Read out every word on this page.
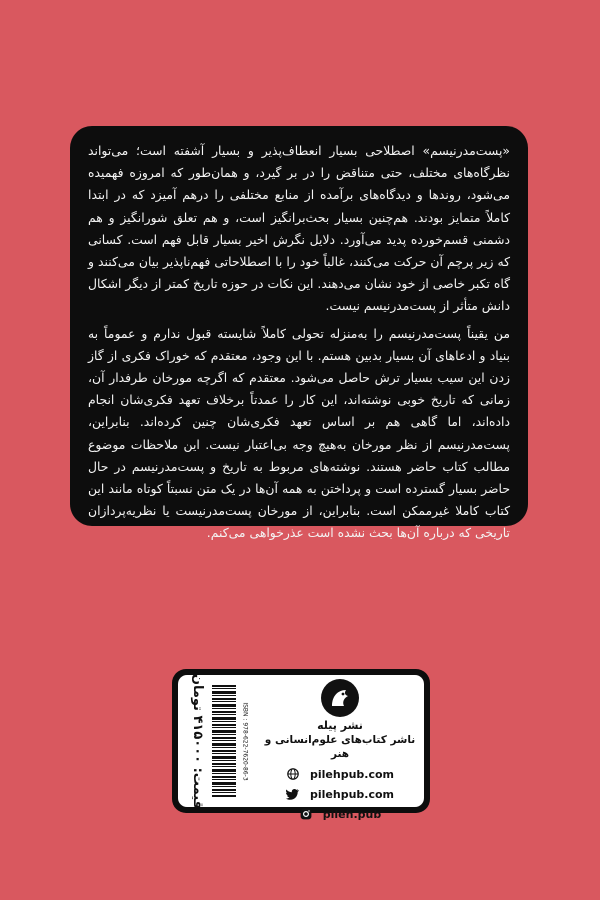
«پست‌مدرنیسم» اصطلاحی بسیار انعطاف‌پذیر و بسیار آشفته است؛ می‌تواند نظرگاه‌های مختلف، حتی متناقض را در بر گیرد، و همان‌طور که امروزه فهمیده می‌شود، روندها و دیدگاه‌های برآمده از منابع مختلفی را درهم آمیزد که در ابتدا کاملاً متمایز بودند. هم‌چنین بسیار بحث‌برانگیز است، و هم تعلق شورانگیز و هم دشمنی قسم‌خورده پدید می‌آورد. دلایل نگرش اخیر بسیار قابل فهم است. کسانی که زیر پرچم آن حرکت می‌کنند، غالباً خود را با اصطلاحاتی فهم‌ناپذیر بیان می‌کنند و گاه تکبر خاصی از خود نشان می‌دهند. این نکات در حوزه تاریخ کمتر از دیگر اشکال دانش متأثر از پست‌مدرنیسم نیست.

من یقیناً پست‌مدرنیسم را به‌منزله تحولی کاملاً شایسته قبول ندارم و عموماً به بنیاد و ادعاهای آن بسیار بدبین هستم. با این وجود، معتقدم که خوراک فکری از گاز زدن این سیب بسیار ترش حاصل می‌شود. معتقدم که اگرچه مورخان طرفدار آن، زمانی که تاریخ خوبی نوشته‌اند، این کار را عمدتاً برخلاف تعهد فکری‌شان انجام داده‌اند، اما گاهی هم بر اساس تعهد فکری‌شان چنین کرده‌اند. بنابراین، پست‌مدرنیسم از نظر مورخان به‌هیچ وجه بی‌اعتبار نیست. این ملاحظات موضوع مطالب کتاب حاضر هستند. نوشته‌های مربوط به تاریخ و پست‌مدرنیسم در حال حاضر بسیار گسترده است و پرداختن به همه آن‌ها در یک متن نسبتاً کوتاه مانند این کتاب کاملا غیرممکن است. بنابراین، از مورخان پست‌مدرنیست یا نظریه‌پردازان تاریخی که درباره آن‌ها بحث نشده است عذرخواهی می‌کنم.

قیمت: ۴۱۵۰۰۰ تومان
ISBN : 978-622-7620-86-3	نشر پیله
ناشر کتاب‌های علوم‌انسانی و هنر
pilehpub.com
pilehpub.com
pileh.pub
